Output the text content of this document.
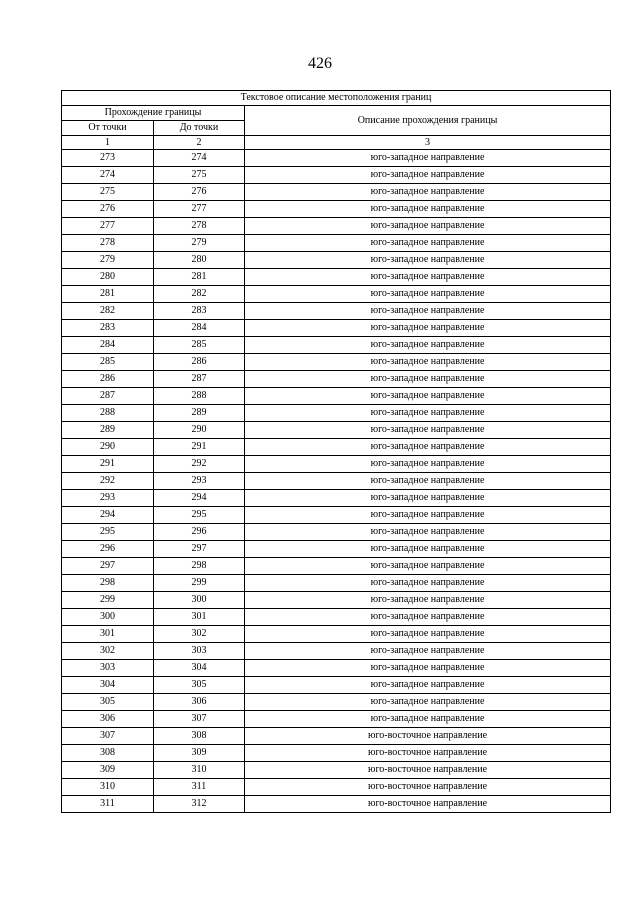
426
Текстовое описание местоположения границ		
Прохождение границы		Описание прохождения границы
От точки	До точки	
1	2	3
273	274	юго-западное направление
274	275	юго-западное направление
275	276	юго-западное направление
276	277	юго-западное направление
277	278	юго-западное направление
278	279	юго-западное направление
279	280	юго-западное направление
280	281	юго-западное направление
281	282	юго-западное направление
282	283	юго-западное направление
283	284	юго-западное направление
284	285	юго-западное направление
285	286	юго-западное направление
286	287	юго-западное направление
287	288	юго-западное направление
288	289	юго-западное направление
289	290	юго-западное направление
290	291	юго-западное направление
291	292	юго-западное направление
292	293	юго-западное направление
293	294	юго-западное направление
294	295	юго-западное направление
295	296	юго-западное направление
296	297	юго-западное направление
297	298	юго-западное направление
298	299	юго-западное направление
299	300	юго-западное направление
300	301	юго-западное направление
301	302	юго-западное направление
302	303	юго-западное направление
303	304	юго-западное направление
304	305	юго-западное направление
305	306	юго-западное направление
306	307	юго-западное направление
307	308	юго-восточное направление
308	309	юго-восточное направление
309	310	юго-восточное направление
310	311	юго-восточное направление
311	312	юго-восточное направление
